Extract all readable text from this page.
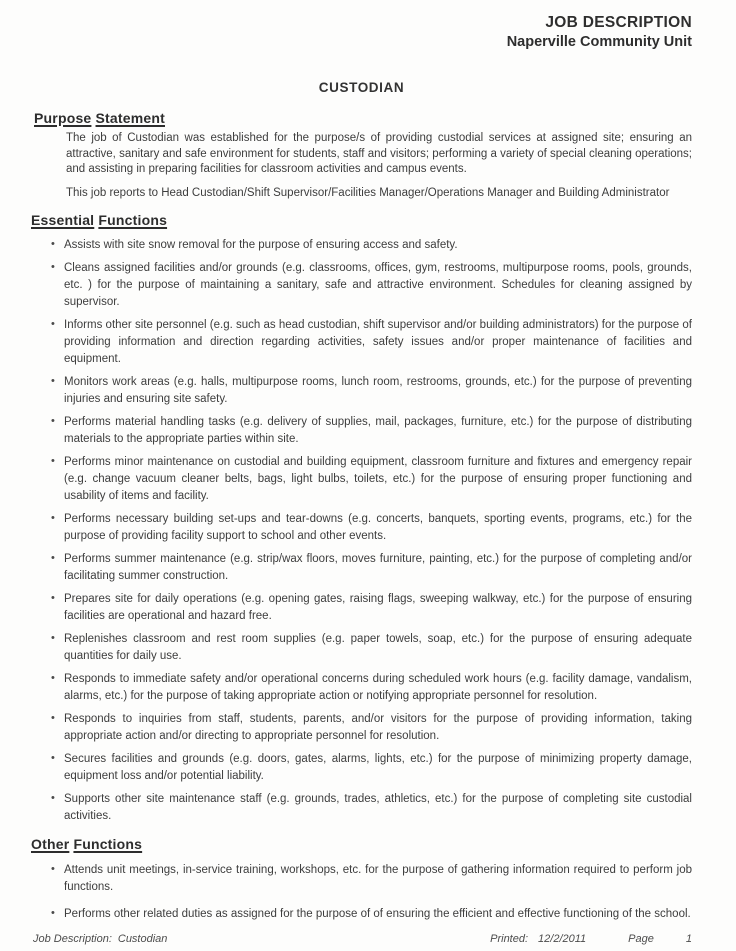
JOB DESCRIPTION
Naperville Community Unit
CUSTODIAN
Purpose Statement

The job of Custodian was established for the purpose/s of providing custodial services at assigned site; ensuring an attractive, sanitary and safe environment for students, staff and visitors; performing a variety of special cleaning operations; and assisting in preparing facilities for classroom activities and campus events.

This job reports to Head Custodian/Shift Supervisor/Facilities Manager/Operations Manager and Building Administrator

Essential Functions
• Assists with site snow removal for the purpose of ensuring access and safety.
• Cleans assigned facilities and/or grounds (e.g. classrooms, offices, gym, restrooms, multipurpose rooms, pools, grounds, etc. ) for the purpose of maintaining a sanitary, safe and attractive environment. Schedules for cleaning assigned by supervisor.
• Informs other site personnel (e.g. such as head custodian, shift supervisor and/or building administrators) for the purpose of providing information and direction regarding activities, safety issues and/or proper maintenance of facilities and equipment.
• Monitors work areas (e.g. halls, multipurpose rooms, lunch room, restrooms, grounds, etc.) for the purpose of preventing injuries and ensuring site safety.
• Performs material handling tasks (e.g. delivery of supplies, mail, packages, furniture, etc.) for the purpose of distributing materials to the appropriate parties within site.
• Performs minor maintenance on custodial and building equipment, classroom furniture and fixtures and emergency repair (e.g. change vacuum cleaner belts, bags, light bulbs, toilets, etc.) for the purpose of ensuring proper functioning and usability of items and facility.
• Performs necessary building set-ups and tear-downs (e.g. concerts, banquets, sporting events, programs, etc.) for the purpose of providing facility support to school and other events.
• Performs summer maintenance (e.g. strip/wax floors, moves furniture, painting, etc.) for the purpose of completing and/or facilitating summer construction.
• Prepares site for daily operations (e.g. opening gates, raising flags, sweeping walkway, etc.) for the purpose of ensuring facilities are operational and hazard free.
• Replenishes classroom and rest room supplies (e.g. paper towels, soap, etc.) for the purpose of ensuring adequate quantities for daily use.
• Responds to immediate safety and/or operational concerns during scheduled work hours (e.g. facility damage, vandalism, alarms, etc.) for the purpose of taking appropriate action or notifying appropriate personnel for resolution.
• Responds to inquiries from staff, students, parents, and/or visitors for the purpose of providing information, taking appropriate action and/or directing to appropriate personnel for resolution.
• Secures facilities and grounds (e.g. doors, gates, alarms, lights, etc.) for the purpose of minimizing property damage, equipment loss and/or potential liability.
• Supports other site maintenance staff (e.g. grounds, trades, athletics, etc.) for the purpose of completing site custodial activities.
Other Functions
• Attends unit meetings, in-service training, workshops, etc. for the purpose of gathering information required to perform job functions.
• Performs other related duties as assigned for the purpose of of ensuring the efficient and effective functioning of the school.
Job Description: Custodian	Printed: 12/2/2011	Page	1
